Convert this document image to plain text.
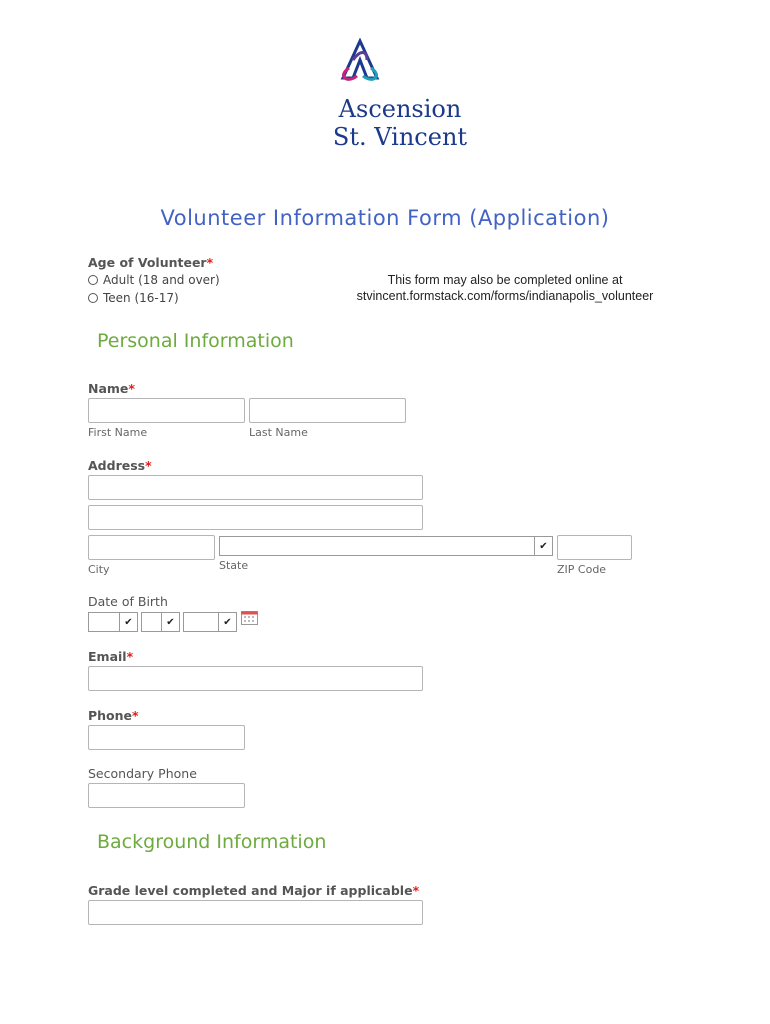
Ascension
St. Vincent
Volunteer Information Form (Application)
Age of Volunteer*
Adult (18 and over)
Teen (16-17)
This form may also be completed online at
stvincent.formstack.com/forms/indianapolis_volunteer
Personal Information
Name*
First Name	Last Name
Address*
✔
City	State	ZIP Code
Date of Birth
✔	✔	✔
Email*
Phone*
Secondary Phone
Background Information
Grade level completed and Major if applicable*
